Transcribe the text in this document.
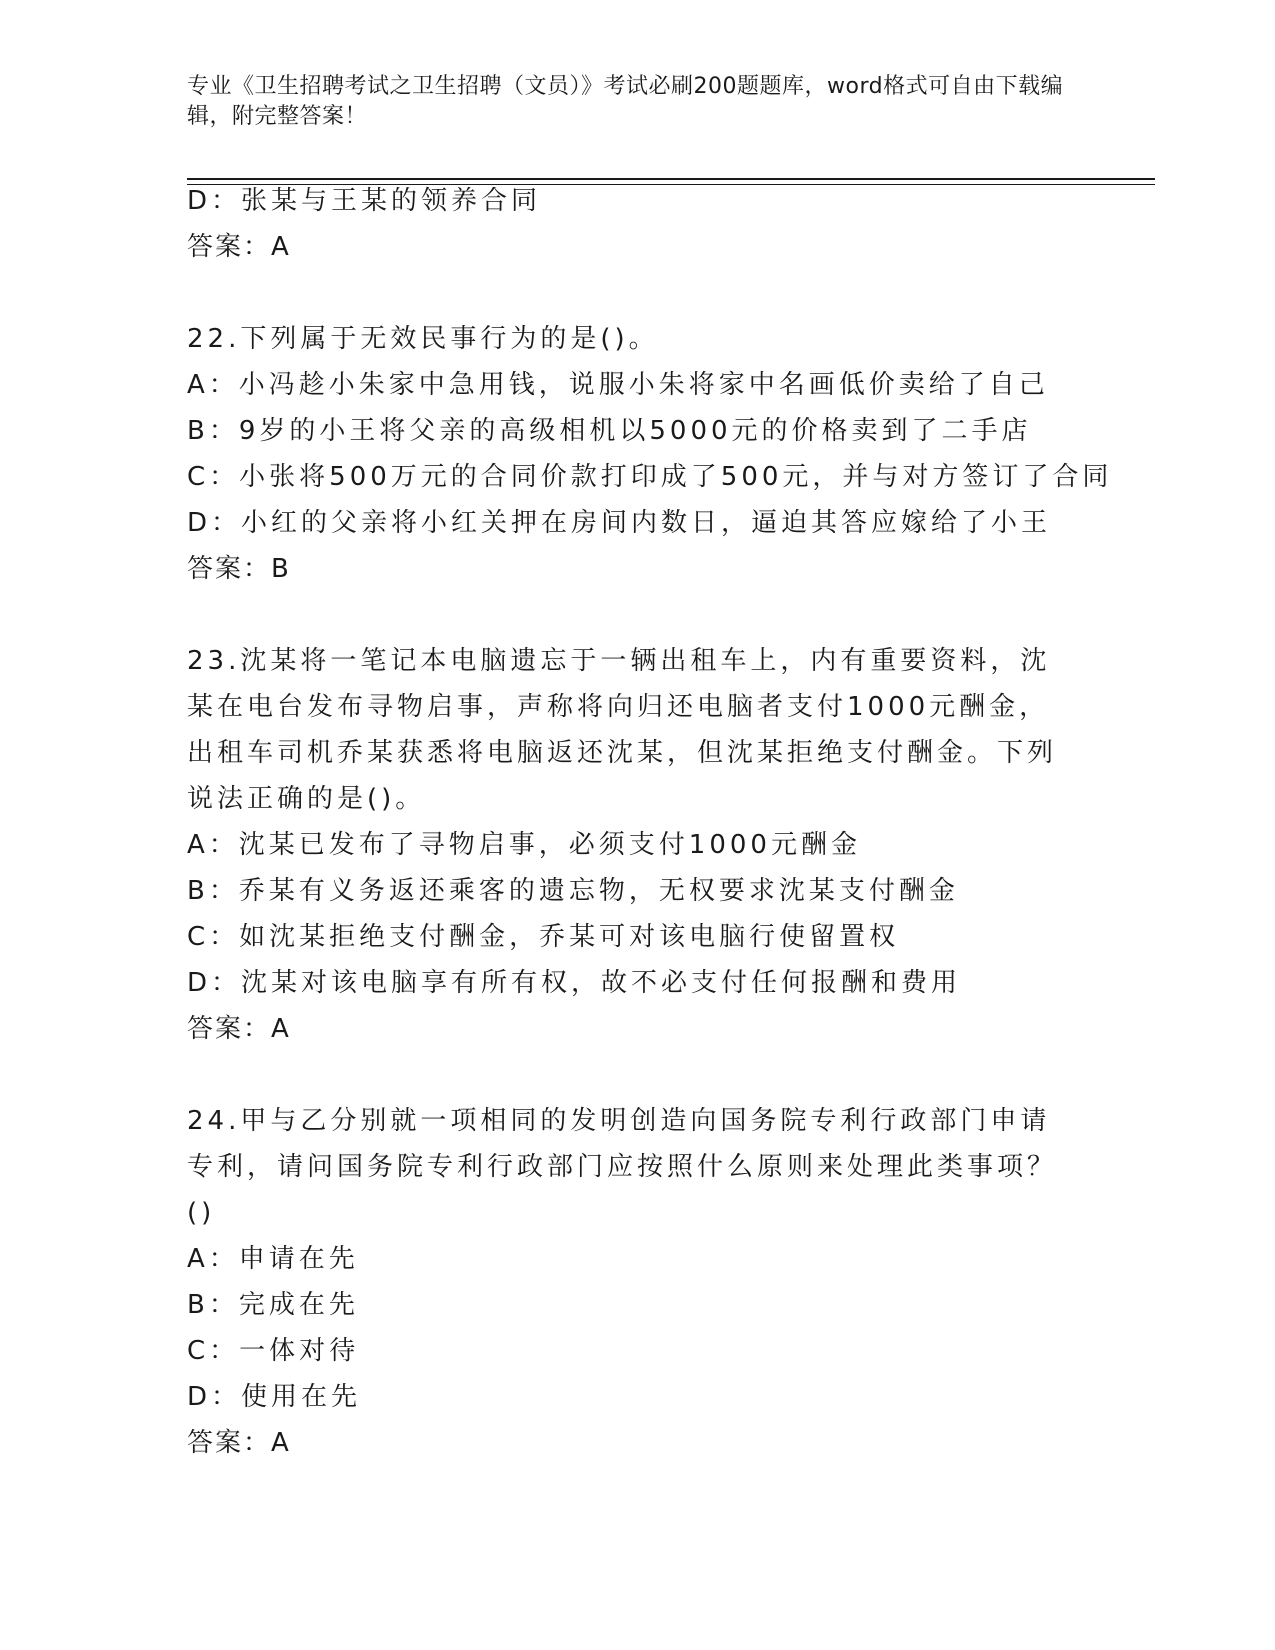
专业《卫生招聘考试之卫生招聘（文员）》考试必刷200题题库，word格式可自由下载编辑，附完整答案！
D：张某与王某的领养合同
答案：A
22.下列属于无效民事行为的是()。
A：小冯趁小朱家中急用钱，说服小朱将家中名画低价卖给了自己
B：9岁的小王将父亲的高级相机以5000元的价格卖到了二手店
C：小张将500万元的合同价款打印成了500元，并与对方签订了合同
D：小红的父亲将小红关押在房间内数日，逼迫其答应嫁给了小王
答案：B
23.沈某将一笔记本电脑遗忘于一辆出租车上，内有重要资料，沈某在电台发布寻物启事，声称将向归还电脑者支付1000元酬金，出租车司机乔某获悉将电脑返还沈某，但沈某拒绝支付酬金。下列说法正确的是()。
A：沈某已发布了寻物启事，必须支付1000元酬金
B：乔某有义务返还乘客的遗忘物，无权要求沈某支付酬金
C：如沈某拒绝支付酬金，乔某可对该电脑行使留置权
D：沈某对该电脑享有所有权，故不必支付任何报酬和费用
答案：A
24.甲与乙分别就一项相同的发明创造向国务院专利行政部门申请专利，请问国务院专利行政部门应按照什么原则来处理此类事项？()
A：申请在先
B：完成在先
C：一体对待
D：使用在先
答案：A
